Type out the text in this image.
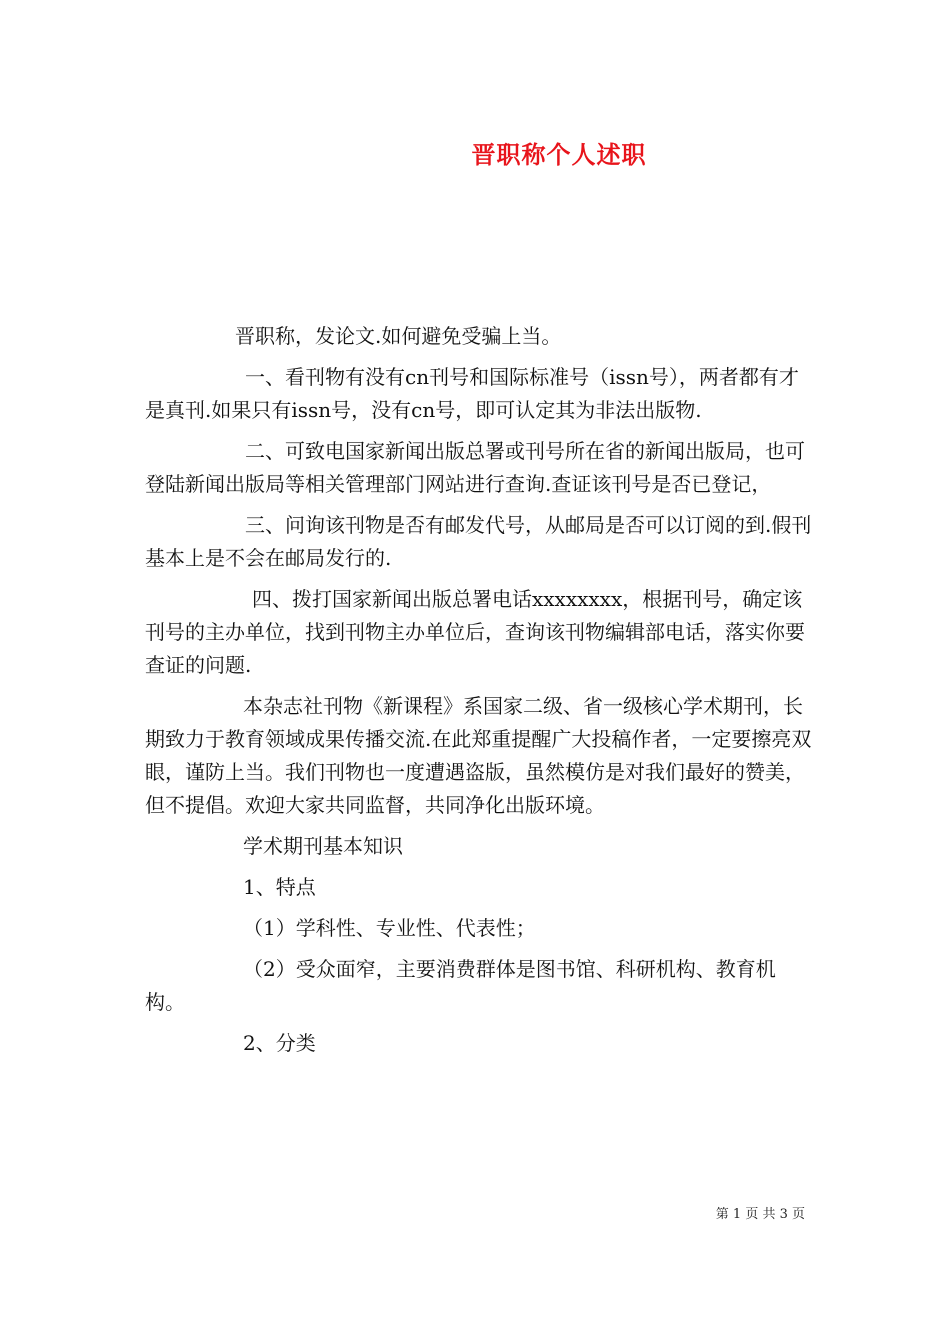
晋职称个人述职

晋职称，发论文.如何避免受骗上当。

一、看刊物有没有cn刊号和国际标准号（issn号），两者都有才是真刊.如果只有issn号，没有cn号，即可认定其为非法出版物.

二、可致电国家新闻出版总署或刊号所在省的新闻出版局，也可登陆新闻出版局等相关管理部门网站进行查询.查证该刊号是否已登记，

三、问询该刊物是否有邮发代号，从邮局是否可以订阅的到.假刊基本上是不会在邮局发行的.

四、拨打国家新闻出版总署电话xxxxxxxx，根据刊号，确定该刊号的主办单位，找到刊物主办单位后，查询该刊物编辑部电话，落实你要查证的问题.

本杂志社刊物《新课程》系国家二级、省一级核心学术期刊，长期致力于教育领域成果传播交流.在此郑重提醒广大投稿作者，一定要擦亮双眼，谨防上当。我们刊物也一度遭遇盗版，虽然模仿是对我们最好的赞美，但不提倡。欢迎大家共同监督，共同净化出版环境。

学术期刊基本知识

1、特点

（1）学科性、专业性、代表性；

（2）受众面窄，主要消费群体是图书馆、科研机构、教育机构。

2、分类

第 1 页 共 3 页
